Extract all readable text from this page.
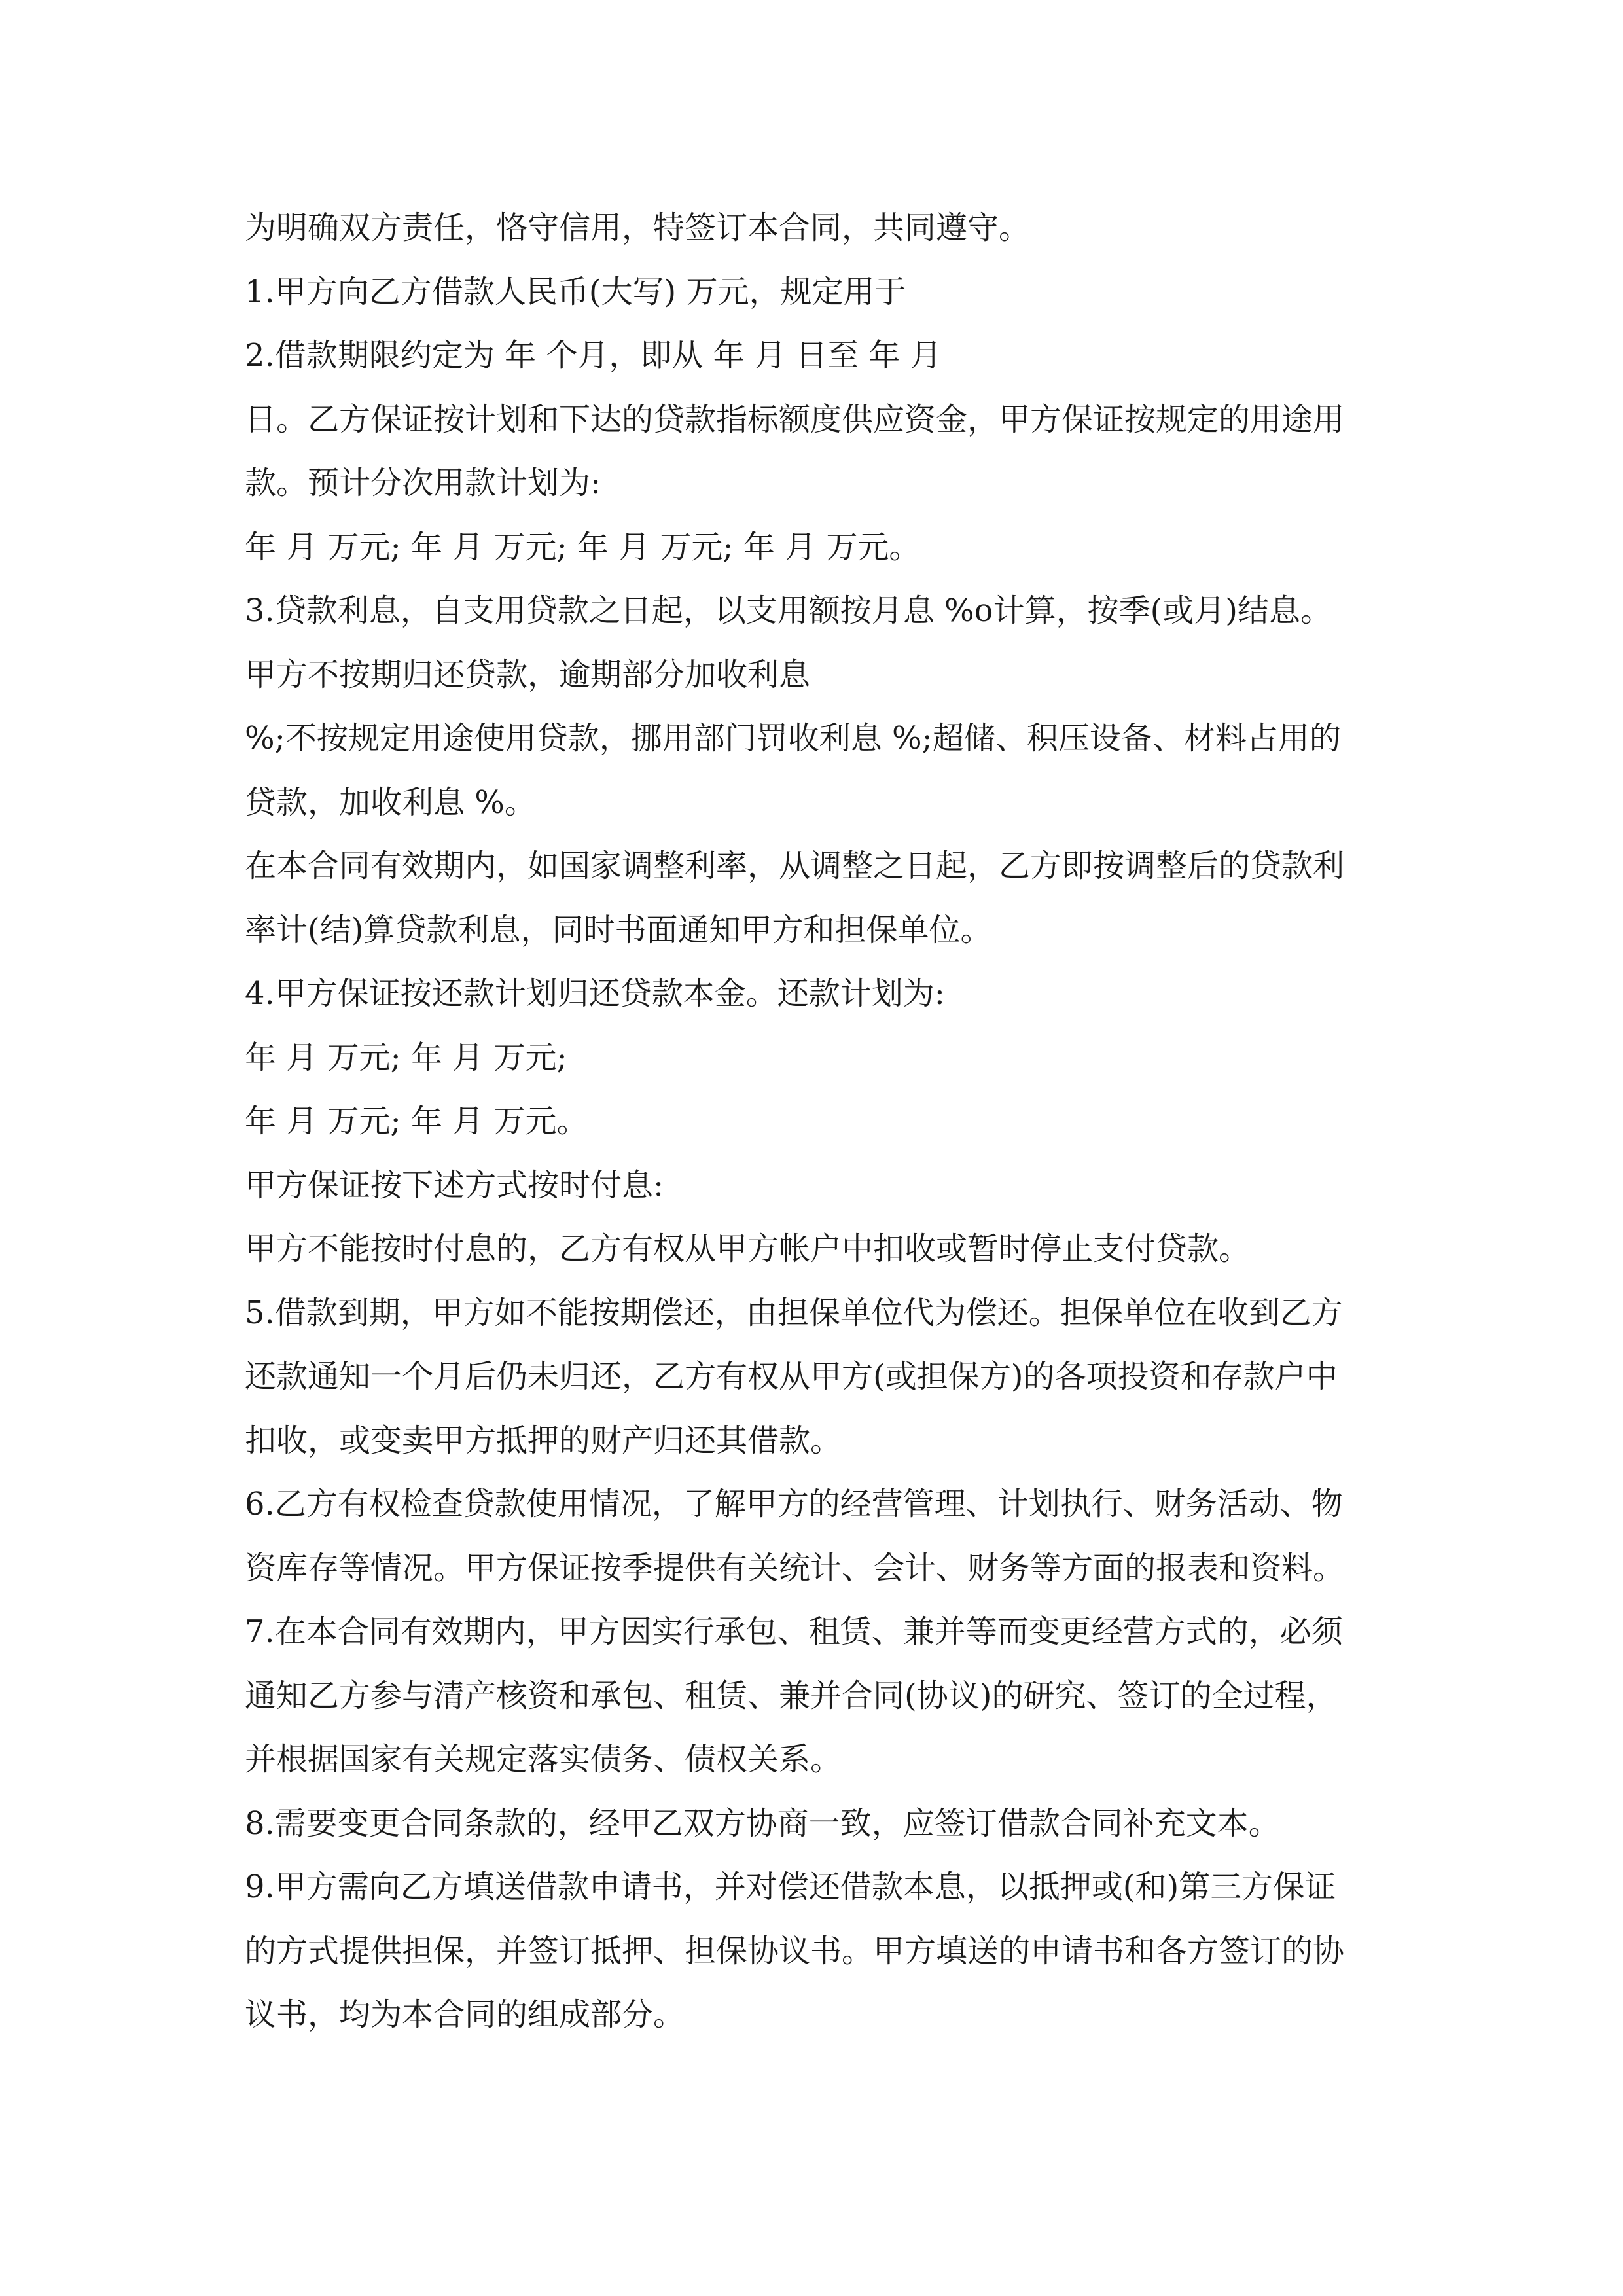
为明确双方责任，恪守信用，特签订本合同，共同遵守。
1.甲方向乙方借款人民币(大写) 万元，规定用于
2.借款期限约定为 年 个月，即从 年 月 日至 年 月
日。乙方保证按计划和下达的贷款指标额度供应资金，甲方保证按规定的用途用
款。预计分次用款计划为:
年 月 万元; 年 月 万元; 年 月 万元; 年 月 万元。
3.贷款利息，自支用贷款之日起，以支用额按月息 %o计算，按季(或月)结息。
甲方不按期归还贷款，逾期部分加收利息
%;不按规定用途使用贷款，挪用部门罚收利息 %;超储、积压设备、材料占用的
贷款，加收利息 %。
在本合同有效期内，如国家调整利率，从调整之日起，乙方即按调整后的贷款利
率计(结)算贷款利息，同时书面通知甲方和担保单位。
4.甲方保证按还款计划归还贷款本金。还款计划为:
年 月 万元; 年 月 万元;
年 月 万元; 年 月 万元。
甲方保证按下述方式按时付息:
甲方不能按时付息的，乙方有权从甲方帐户中扣收或暂时停止支付贷款。
5.借款到期，甲方如不能按期偿还，由担保单位代为偿还。担保单位在收到乙方
还款通知一个月后仍未归还，乙方有权从甲方(或担保方)的各项投资和存款户中
扣收，或变卖甲方抵押的财产归还其借款。
6.乙方有权检查贷款使用情况，了解甲方的经营管理、计划执行、财务活动、物
资库存等情况。甲方保证按季提供有关统计、会计、财务等方面的报表和资料。
7.在本合同有效期内，甲方因实行承包、租赁、兼并等而变更经营方式的，必须
通知乙方参与清产核资和承包、租赁、兼并合同(协议)的研究、签订的全过程，
并根据国家有关规定落实债务、债权关系。
8.需要变更合同条款的，经甲乙双方协商一致，应签订借款合同补充文本。
9.甲方需向乙方填送借款申请书，并对偿还借款本息，以抵押或(和)第三方保证
的方式提供担保，并签订抵押、担保协议书。甲方填送的申请书和各方签订的协
议书，均为本合同的组成部分。
